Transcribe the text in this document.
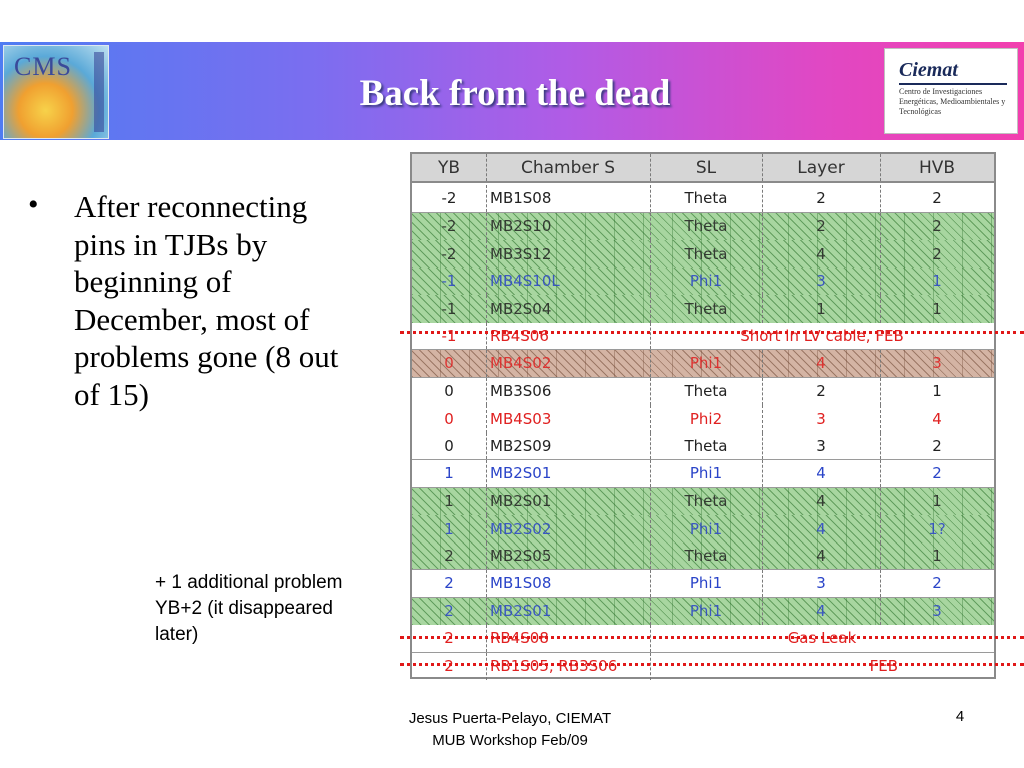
CMS
Back from the dead
Ciemat
Centro de Investigaciones Energéticas, Medioambientales y Tecnológicas
• After reconnecting pins in TJBs by beginning of December, most of problems gone (8 out of 15)
+ 1 additional problem YB+2 (it disappeared later)
YB	Chamber S	SL	Layer	HVB
-2	MB1S08	Theta	2	2
-2	MB2S10	Theta	2	2
-2	MB3S12	Theta	4	2
-1	MB4S10L	Phi1	3	1
-1	MB2S04	Theta	1	1
-1	RB4S06	Short in LV cable, FEB
0	MB4S02	Phi1	4	3
0	MB3S06	Theta	2	1
0	MB4S03	Phi2	3	4
0	MB2S09	Theta	3	2
1	MB2S01	Phi1	4	2
1	MB2S01	Theta	4	1
1	MB2S02	Phi1	4	1?
2	MB2S05	Theta	4	1
2	MB1S08	Phi1	3	2
2	MB2S01	Phi1	4	3
2	RB4S08	Gas Leak
2	RB1S05, RB3S06	FEB
Jesus Puerta-Pelayo, CIEMAT
MUB Workshop Feb/09
4
